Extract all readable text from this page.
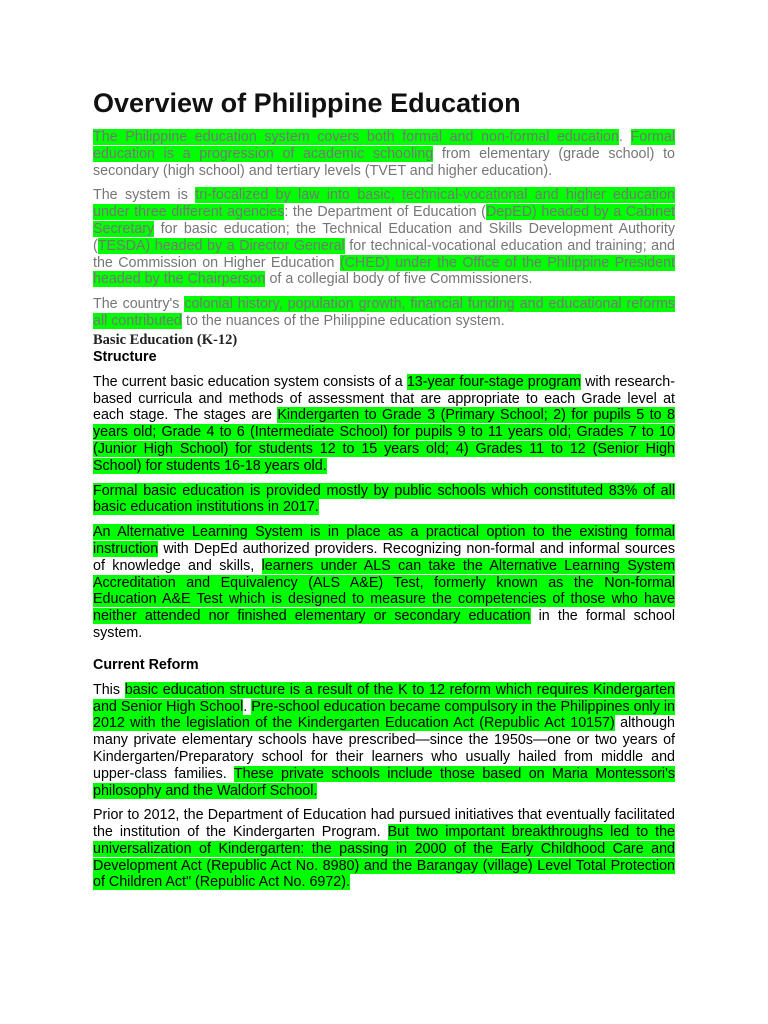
Overview of Philippine Education

The Philippine education system covers both formal and non-formal education. Formal education is a progression of academic schooling from elementary (grade school) to secondary (high school) and tertiary levels (TVET and higher education).

The system is tri-focalized by law into basic, technical-vocational and higher education under three different agencies: the Department of Education (DepED) headed by a Cabinet Secretary for basic education; the Technical Education and Skills Development Authority (TESDA) headed by a Director General for technical-vocational education and training; and the Commission on Higher Education (CHED) under the Office of the Philippine President headed by the Chairperson of a collegial body of five Commissioners.

The country's colonial history, population growth, financial funding and educational reforms all contributed to the nuances of the Philippine education system.

Basic Education (K-12)
Structure

The current basic education system consists of a 13-year four-stage program with research-based curricula and methods of assessment that are appropriate to each Grade level at each stage. The stages are Kindergarten to Grade 3 (Primary School; 2) for pupils 5 to 8 years old; Grade 4 to 6 (Intermediate School) for pupils 9 to 11 years old; Grades 7 to 10 (Junior High School) for students 12 to 15 years old; 4) Grades 11 to 12 (Senior High School) for students 16-18 years old.

Formal basic education is provided mostly by public schools which constituted 83% of all basic education institutions in 2017.

An Alternative Learning System is in place as a practical option to the existing formal instruction with DepEd authorized providers. Recognizing non-formal and informal sources of knowledge and skills, learners under ALS can take the Alternative Learning System Accreditation and Equivalency (ALS A&E) Test, formerly known as the Non-formal Education A&E Test which is designed to measure the competencies of those who have neither attended nor finished elementary or secondary education in the formal school system.

Current Reform

This basic education structure is a result of the K to 12 reform which requires Kindergarten and Senior High School. Pre-school education became compulsory in the Philippines only in 2012 with the legislation of the Kindergarten Education Act (Republic Act 10157) although many private elementary schools have prescribed—since the 1950s—one or two years of Kindergarten/Preparatory school for their learners who usually hailed from middle and upper-class families. These private schools include those based on Maria Montessori's philosophy and the Waldorf School.

Prior to 2012, the Department of Education had pursued initiatives that eventually facilitated the institution of the Kindergarten Program. But two important breakthroughs led to the universalization of Kindergarten: the passing in 2000 of the Early Childhood Care and Development Act (Republic Act No. 8980) and the Barangay (village) Level Total Protection of Children Act" (Republic Act No. 6972).
